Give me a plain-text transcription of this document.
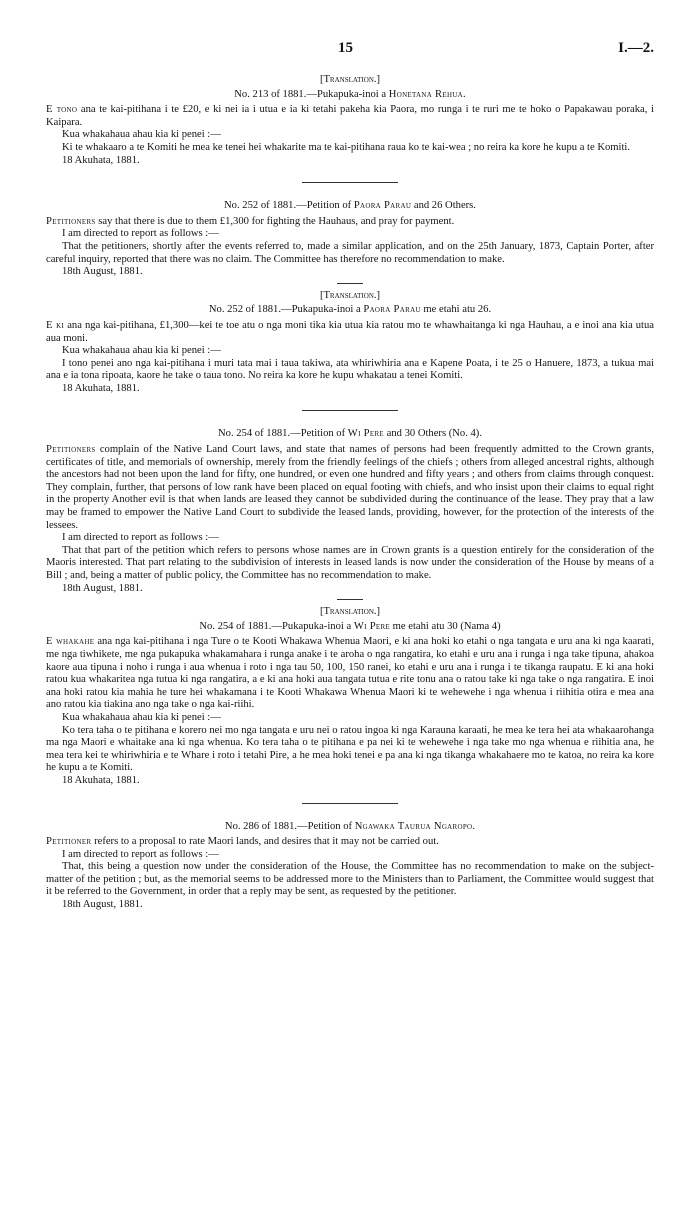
15	I.—2.

[Translation.]

No. 213 of 1881.—Pukapuka-inoi a Honetana Rehua.

E tono ana te kai-pitihana i te £20, e ki nei ia i utua e ia ki tetahi pakeha kia Paora, mo runga i te ruri me te hoko o Papakawau poraka, i Kaipara.

Kua whakahaua ahau kia ki penei :—

Ki te whakaaro a te Komiti he mea ke tenei hei whakarite ma te kai-pitihana raua ko te kai-wea ; no reira ka kore he kupu a te Komiti.

18 Akuhata, 1881.

No. 252 of 1881.—Petition of Paora Parau and 26 Others.

Petitioners say that there is due to them £1,300 for fighting the Hauhaus, and pray for payment.

I am directed to report as follows :—

That the petitioners, shortly after the events referred to, made a similar application, and on the 25th January, 1873, Captain Porter, after careful inquiry, reported that there was no claim. The Committee has therefore no recommendation to make.

18th August, 1881.

[Translation.]

No. 252 of 1881.—Pukapuka-inoi a Paora Parau me etahi atu 26.

E ki ana nga kai-pitihana, £1,300—kei te toe atu o nga moni tika kia utua kia ratou mo te whawhaitanga ki nga Hauhau, a e inoi ana kia utua aua moni.

Kua whakahaua ahau kia ki penei :—

I tono penei ano nga kai-pitihana i muri tata mai i taua takiwa, ata whiriwhiria ana e Kapene Poata, i te 25 o Hanuere, 1873, a tukua mai ana e ia tona ripoata, kaore he take o taua tono. No reira ka kore he kupu whakatau a tenei Komiti.

18 Akuhata, 1881.

No. 254 of 1881.—Petition of Wi Pere and 30 Others (No. 4).

Petitioners complain of the Native Land Court laws, and state that names of persons had been frequently admitted to the Crown grants, certificates of title, and memorials of ownership, merely from the friendly feelings of the chiefs ; others from alleged ancestral rights, although the ancestors had not been upon the land for fifty, one hundred, or even one hundred and fifty years ; and others from claims through conquest. They complain, further, that persons of low rank have been placed on equal footing with chiefs, and who insist upon their claims to equal right in the property Another evil is that when lands are leased they cannot be subdivided during the continuance of the lease. They pray that a law may be framed to empower the Native Land Court to subdivide the leased lands, providing, however, for the protection of the interests of the lessees.

I am directed to report as follows :—

That that part of the petition which refers to persons whose names are in Crown grants is a question entirely for the consideration of the Maoris interested. That part relating to the subdivision of interests in leased lands is now under the consideration of the House by means of a Bill ; and, being a matter of public policy, the Committee has no recommendation to make.

18th August, 1881.

[Translation.]

No. 254 of 1881.—Pukapuka-inoi a Wi Pere me etahi atu 30 (Nama 4)

E whakahe ana nga kai-pitihana i nga Ture o te Kooti Whakawa Whenua Maori, e ki ana hoki ko etahi o nga tangata e uru ana ki nga kaarati, me nga tiwhikete, me nga pukapuka whakamahara i runga anake i te aroha o nga rangatira, ko etahi e uru ana i runga i nga take tipuna, ahakoa kaore aua tipuna i noho i runga i aua whenua i roto i nga tau 50, 100, 150 ranei, ko etahi e uru ana i runga i te tikanga raupatu. E ki ana hoki ratou kua whakaritea nga tutua ki nga rangatira, a e ki ana hoki aua tangata tutua e rite tonu ana o ratou take ki nga take o nga rangatira. E inoi ana hoki ratou kia mahia he ture hei whakamana i te Kooti Whakawa Whenua Maori ki te wehewehe i nga whenua i riihitia otira e mea ana ano ratou kia tiakina ano nga take o nga kai-riihi.

Kua whakahaua ahau kia ki penei :—

Ko tera taha o te pitihana e korero nei mo nga tangata e uru nei o ratou ingoa ki nga Karauna karaati, he mea ke tera hei ata whakaarohanga ma nga Maori e whaitake ana ki nga whenua. Ko tera taha o te pitihana e pa nei ki te wehewehe i nga take mo nga whenua e riihitia ana, he mea tera kei te whiriwhiria e te Whare i roto i tetahi Pire, a he mea hoki tenei e pa ana ki nga tikanga whakahaere mo te katoa, no reira ka kore he kupu a te Komiti.

18 Akuhata, 1881.

No. 286 of 1881.—Petition of Ngawaka Taurua Ngaropo.

Petitioner refers to a proposal to rate Maori lands, and desires that it may not be carried out.

I am directed to report as follows :—

That, this being a question now under the consideration of the House, the Committee has no recommendation to make on the subject-matter of the petition ; but, as the memorial seems to be addressed more to the Ministers than to Parliament, the Committee would suggest that it be referred to the Government, in order that a reply may be sent, as requested by the petitioner.

18th August, 1881.
